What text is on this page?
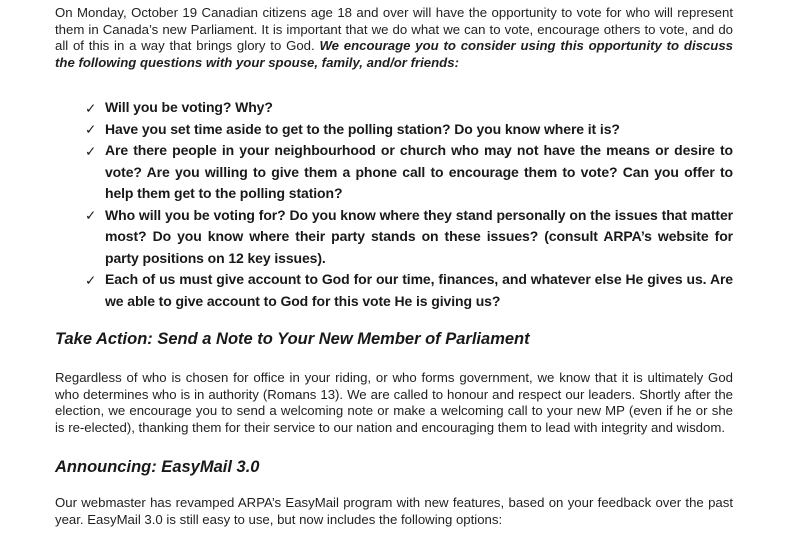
On Monday, October 19 Canadian citizens age 18 and over will have the opportunity to vote for who will represent them in Canada’s new Parliament. It is important that we do what we can to vote, encourage others to vote, and do all of this in a way that brings glory to God. We encourage you to consider using this opportunity to discuss the following questions with your spouse, family, and/or friends:

✓ Will you be voting? Why?
✓ Have you set time aside to get to the polling station? Do you know where it is?
✓ Are there people in your neighbourhood or church who may not have the means or desire to vote? Are you willing to give them a phone call to encourage them to vote? Can you offer to help them get to the polling station?
✓ Who will you be voting for? Do you know where they stand personally on the issues that matter most? Do you know where their party stands on these issues? (consult ARPA’s website for party positions on 12 key issues).
✓ Each of us must give account to God for our time, finances, and whatever else He gives us. Are we able to give account to God for this vote He is giving us?
Take Action: Send a Note to Your New Member of Parliament

Regardless of who is chosen for office in your riding, or who forms government, we know that it is ultimately God who determines who is in authority (Romans 13). We are called to honour and respect our leaders. Shortly after the election, we encourage you to send a welcoming note or make a welcoming call to your new MP (even if he or she is re-elected), thanking them for their service to our nation and encouraging them to lead with integrity and wisdom.

Announcing: EasyMail 3.0

Our webmaster has revamped ARPA’s EasyMail program with new features, based on your feedback over the past year. EasyMail 3.0 is still easy to use, but now includes the following options:
